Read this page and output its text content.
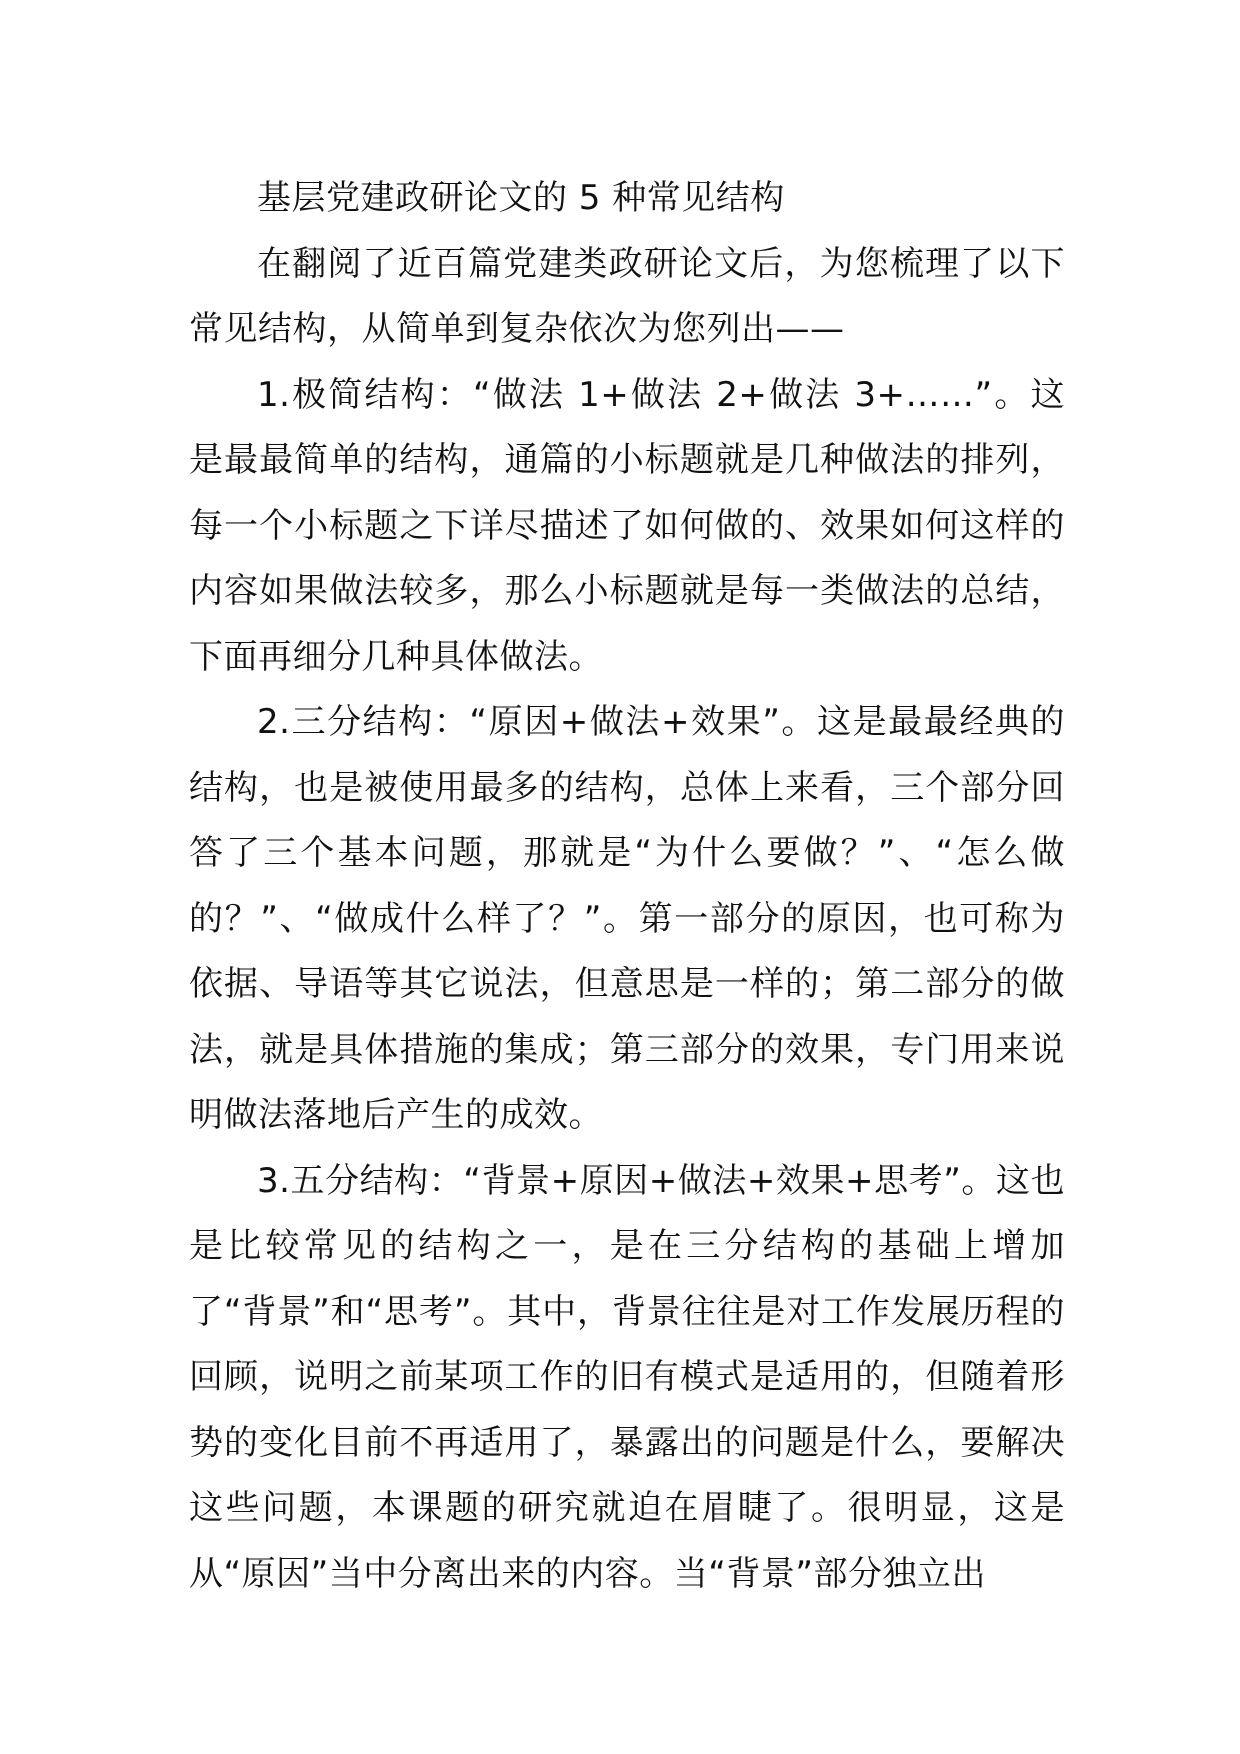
基层党建政研论文的 5 种常见结构

在翻阅了近百篇党建类政研论文后，为您梳理了以下常见结构，从简单到复杂依次为您列出——

1.极简结构：“做法 1+做法 2+做法 3+……”。这是最最简单的结构，通篇的小标题就是几种做法的排列，每一个小标题之下详尽描述了如何做的、效果如何这样的内容如果做法较多，那么小标题就是每一类做法的总结，下面再细分几种具体做法。

2.三分结构：“原因+做法+效果”。这是最最经典的结构，也是被使用最多的结构，总体上来看，三个部分回答了三个基本问题，那就是“为什么要做？”、“怎么做的？”、“做成什么样了？”。第一部分的原因，也可称为依据、导语等其它说法，但意思是一样的；第二部分的做法，就是具体措施的集成；第三部分的效果，专门用来说明做法落地后产生的成效。

3.五分结构：“背景+原因+做法+效果+思考”。这也是比较常见的结构之一，是在三分结构的基础上增加了“背景”和“思考”。其中，背景往往是对工作发展历程的回顾，说明之前某项工作的旧有模式是适用的，但随着形势的变化目前不再适用了，暴露出的问题是什么，要解决这些问题，本课题的研究就迫在眉睫了。很明显，这是从“原因”当中分离出来的内容。当“背景”部分独立出
